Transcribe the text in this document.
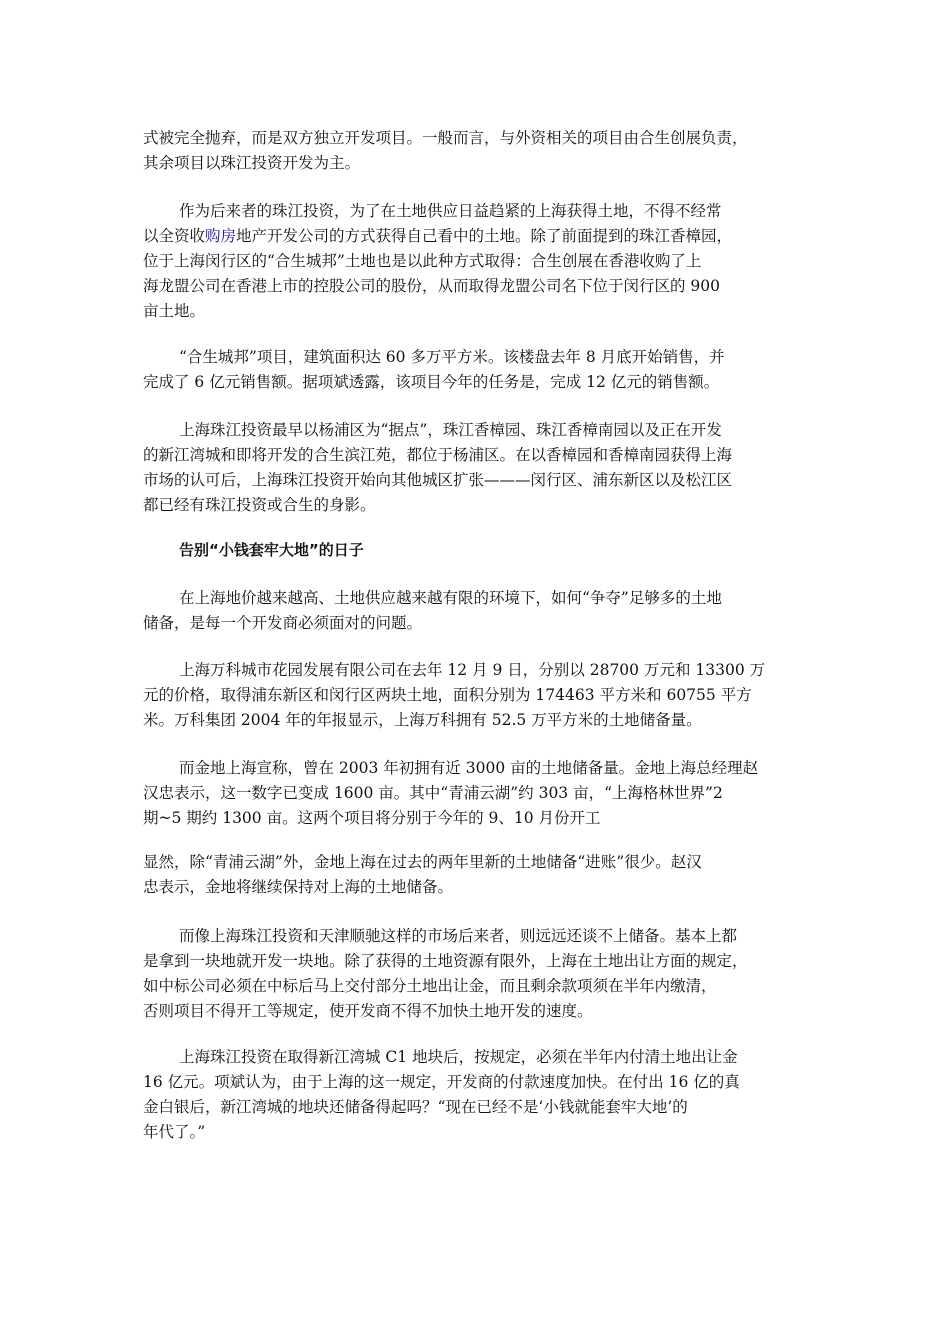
式被完全抛弃，而是双方独立开发项目。一般而言，与外资相关的项目由合生创展负责，
其余项目以珠江投资开发为主。
作为后来者的珠江投资，为了在土地供应日益趋紧的上海获得土地，不得不经常
以全资收购房地产开发公司的方式获得自己看中的土地。除了前面提到的珠江香樟园，
位于上海闵行区的“合生城邦”土地也是以此种方式取得：合生创展在香港收购了上
海龙盟公司在香港上市的控股公司的股份，从而取得龙盟公司名下位于闵行区的 900
亩土地。
“合生城邦”项目，建筑面积达 60 多万平方米。该楼盘去年 8 月底开始销售，并
完成了 6 亿元销售额。据项斌透露，该项目今年的任务是，完成 12 亿元的销售额。
上海珠江投资最早以杨浦区为“据点”，珠江香樟园、珠江香樟南园以及正在开发
的新江湾城和即将开发的合生滨江苑，都位于杨浦区。在以香樟园和香樟南园获得上海
市场的认可后，上海珠江投资开始向其他城区扩张———闵行区、浦东新区以及松江区
都已经有珠江投资或合生的身影。
告别“小钱套牢大地”的日子
在上海地价越来越高、土地供应越来越有限的环境下，如何“争夺”足够多的土地
储备，是每一个开发商必须面对的问题。
上海万科城市花园发展有限公司在去年 12 月 9 日，分别以 28700 万元和 13300 万
元的价格，取得浦东新区和闵行区两块土地，面积分别为 174463 平方米和 60755 平方
米。万科集团 2004 年的年报显示，上海万科拥有 52.5 万平方米的土地储备量。
而金地上海宣称，曾在 2003 年初拥有近 3000 亩的土地储备量。金地上海总经理赵
汉忠表示，这一数字已变成 1600 亩。其中“青浦云湖”约 303 亩，“上海格林世界”2
期~5 期约 1300 亩。这两个项目将分别于今年的 9、10 月份开工
显然，除“青浦云湖”外，金地上海在过去的两年里新的土地储备“进账”很少。赵汉
忠表示，金地将继续保持对上海的土地储备。
而像上海珠江投资和天津顺驰这样的市场后来者，则远远还谈不上储备。基本上都
是拿到一块地就开发一块地。除了获得的土地资源有限外，上海在土地出让方面的规定，
如中标公司必须在中标后马上交付部分土地出让金，而且剩余款项须在半年内缴清，
否则项目不得开工等规定，使开发商不得不加快土地开发的速度。
上海珠江投资在取得新江湾城 C1 地块后，按规定，必须在半年内付清土地出让金
16 亿元。项斌认为，由于上海的这一规定，开发商的付款速度加快。在付出 16 亿的真
金白银后，新江湾城的地块还储备得起吗？“现在已经不是‘小钱就能套牢大地’的
年代了。”
